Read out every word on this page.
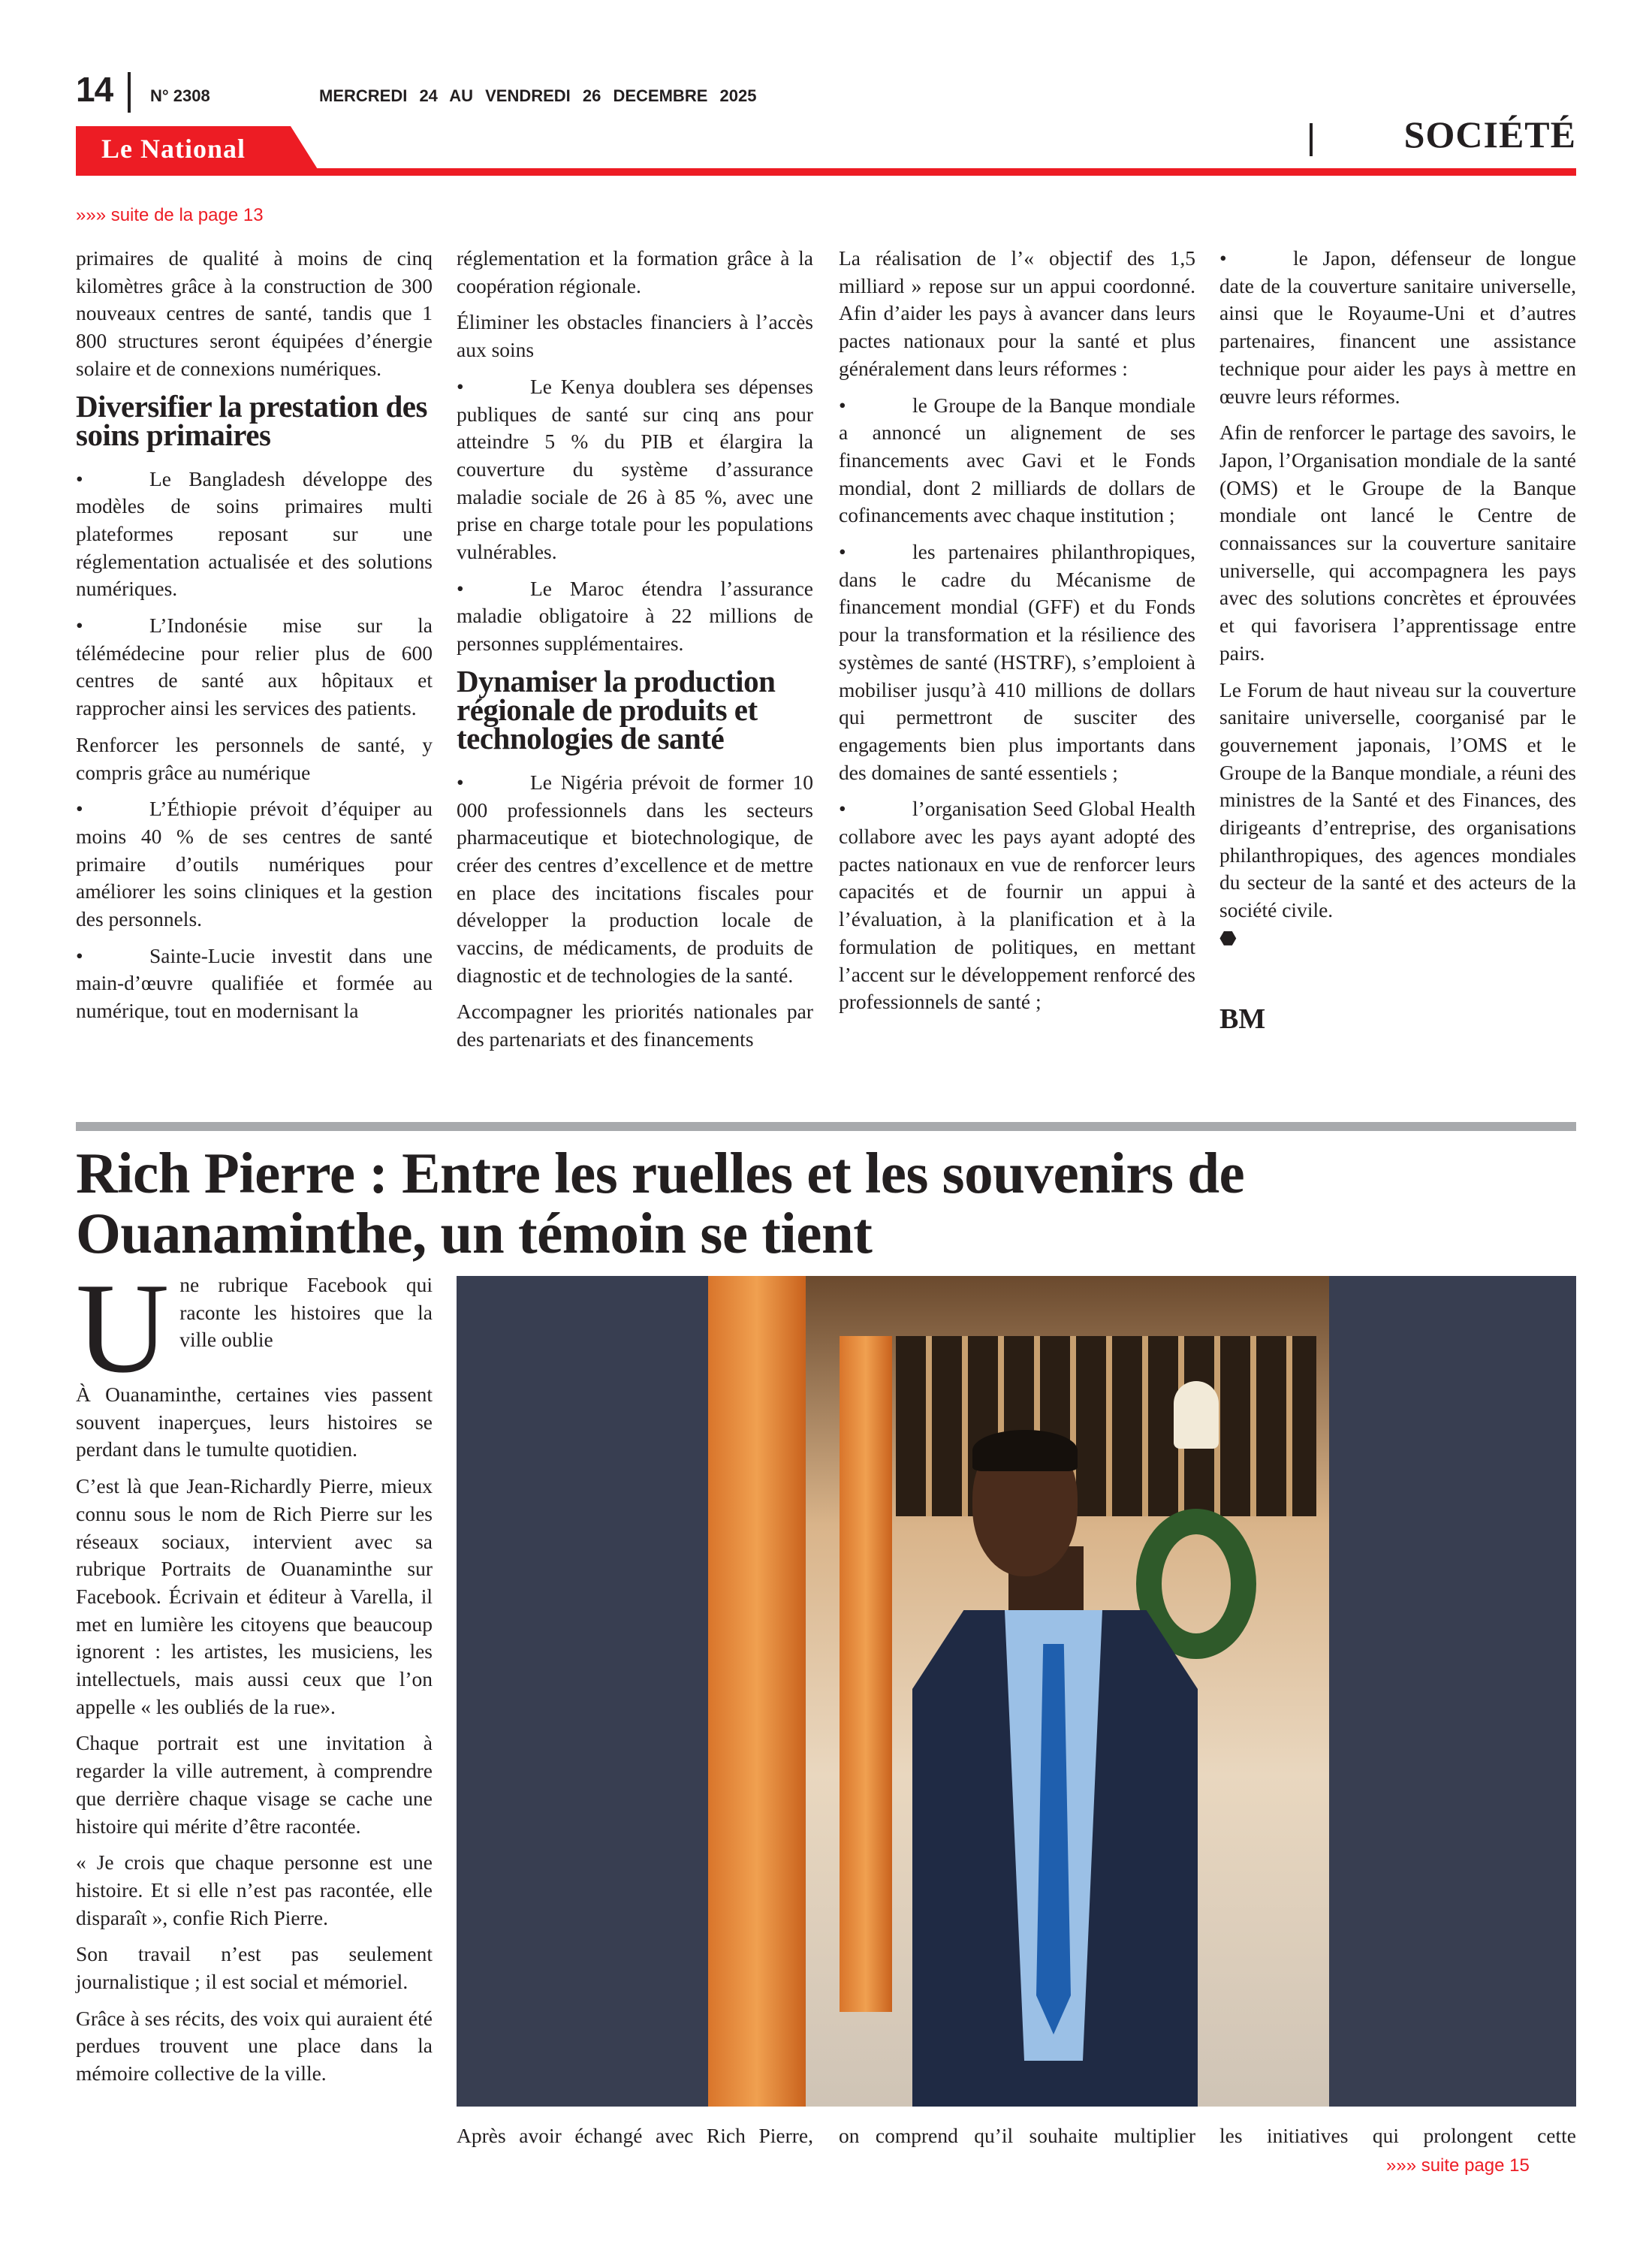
14 N° 2308	MERCREDI 24 AU VENDREDI 26 DECEMBRE 2025
Le National	SOCIÉTÉ
»»» suite de la page 13

primaires de qualité à moins de cinq kilomètres grâce à la construction de 300 nouveaux centres de santé, tandis que 1 800 structures seront équipées d’énergie solaire et de connexions numériques.

Diversifier la prestation des soins primaires

•	Le Bangladesh développe des modèles de soins primaires multi plateformes reposant sur une réglementation actualisée et des solutions numériques.

•	L’Indonésie mise sur la télémédecine pour relier plus de 600 centres de santé aux hôpitaux et rapprocher ainsi les services des patients.

Renforcer les personnels de santé, y compris grâce au numérique

•	L’Éthiopie prévoit d’équiper au moins 40 % de ses centres de santé primaire d’outils numériques pour améliorer les soins cliniques et la gestion des personnels.

•	Sainte-Lucie investit dans une main-d’œuvre qualifiée et formée au numérique, tout en modernisant la

réglementation et la formation grâce à la coopération régionale.

Éliminer les obstacles financiers à l’accès aux soins

•	Le Kenya doublera ses dépenses publiques de santé sur cinq ans pour atteindre 5 % du PIB et élargira la couverture du système d’assurance maladie sociale de 26 à 85 %, avec une prise en charge totale pour les populations vulnérables.

•	Le Maroc étendra l’assurance maladie obligatoire à 22 millions de personnes supplémentaires.

Dynamiser la production régionale de produits et technologies de santé

•	Le Nigéria prévoit de former 10 000 professionnels dans les secteurs pharmaceutique et biotechnologique, de créer des centres d’excellence et de mettre en place des incitations fiscales pour développer la production locale de vaccins, de médicaments, de produits de diagnostic et de technologies de la santé.

Accompagner les priorités nationales par des partenariats et des financements

La réalisation de l’« objectif des 1,5 milliard » repose sur un appui coordonné. Afin d’aider les pays à avancer dans leurs pactes nationaux pour la santé et plus généralement dans leurs réformes :

•	le Groupe de la Banque mondiale a annoncé un alignement de ses financements avec Gavi et le Fonds mondial, dont 2 milliards de dollars de cofinancements avec chaque institution ;

•	les partenaires philanthropiques, dans le cadre du Mécanisme de financement mondial (GFF) et du Fonds pour la transformation et la résilience des systèmes de santé (HSTRF), s’emploient à mobiliser jusqu’à 410 millions de dollars qui permettront de susciter des engagements bien plus importants dans des domaines de santé essentiels ;

•	l’organisation Seed Global Health collabore avec les pays ayant adopté des pactes nationaux en vue de renforcer leurs capacités et de fournir un appui à l’évaluation, à la planification et à la formulation de politiques, en mettant l’accent sur le développement renforcé des professionnels de santé ;

•	le Japon, défenseur de longue date de la couverture sanitaire universelle, ainsi que le Royaume-Uni et d’autres partenaires, financent une assistance technique pour aider les pays à mettre en œuvre leurs réformes.

Afin de renforcer le partage des savoirs, le Japon, l’Organisation mondiale de la santé (OMS) et le Groupe de la Banque mondiale ont lancé le Centre de connaissances sur la couverture sanitaire universelle, qui accompagnera les pays avec des solutions concrètes et éprouvées et qui favorisera l’apprentissage entre pairs.

Le Forum de haut niveau sur la couverture sanitaire universelle, coorganisé par le gouvernement japonais, l’OMS et le Groupe de la Banque mondiale, a réuni des ministres de la Santé et des Finances, des dirigeants d’entreprise, des organisations philanthropiques, des agences mondiales du secteur de la santé et des acteurs de la société civile.
⬣

BM
Rich Pierre : Entre les ruelles et les souvenirs de Ouanaminthe, un témoin se tient

Une rubrique Facebook qui raconte les histoires que la ville oublie

À Ouanaminthe, certaines vies passent souvent inaperçues, leurs histoires se perdant dans le tumulte quotidien.

C’est là que Jean-Richardly Pierre, mieux connu sous le nom de Rich Pierre sur les réseaux sociaux, intervient avec sa rubrique Portraits de Ouanaminthe sur Facebook. Écrivain et éditeur à Varella, il met en lumière les citoyens que beaucoup ignorent : les artistes, les musiciens, les intellectuels, mais aussi ceux que l’on appelle « les oubliés de la rue».

Chaque portrait est une invitation à regarder la ville autrement, à comprendre que derrière chaque visage se cache une histoire qui mérite d’être racontée.

« Je crois que chaque personne est une histoire. Et si elle n’est pas racontée, elle disparaît », confie Rich Pierre.

Son travail n’est pas seulement journalistique ; il est social et mémoriel.

Grâce à ses récits, des voix qui auraient été perdues trouvent une place dans la mémoire collective de la ville.

Après avoir échangé avec Rich Pierre, on comprend qu’il souhaite multiplier les initiatives qui prolongent cette
»»» suite page 15
